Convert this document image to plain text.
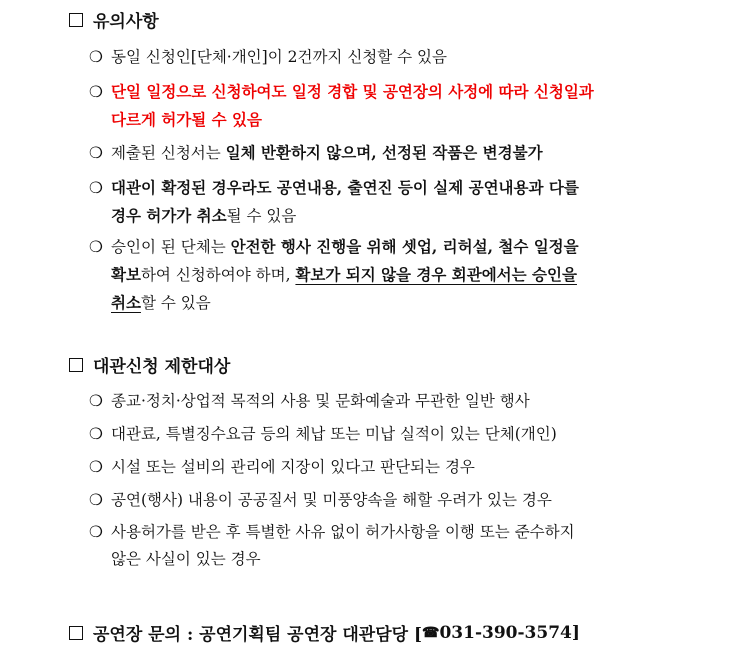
유의사항
❍ 동일 신청인[단체·개인]이 2건까지 신청할 수 있음
❍ 단일 일정으로 신청하여도 일정 경합 및 공연장의 사정에 따라 신청일과
다르게 허가될 수 있음
❍ 제출된 신청서는 일체 반환하지 않으며, 선정된 작품은 변경불가
❍ 대관이 확정된 경우라도 공연내용, 출연진 등이 실제 공연내용과 다를
경우 허가가 취소될 수 있음
❍ 승인이 된 단체는 안전한 행사 진행을 위해 셋업, 리허설, 철수 일정을
확보하여 신청하여야 하며, 확보가 되지 않을 경우 회관에서는 승인을
취소할 수 있음
대관신청 제한대상
❍ 종교·정치·상업적 목적의 사용 및 문화예술과 무관한 일반 행사
❍ 대관료, 특별징수요금 등의 체납 또는 미납 실적이 있는 단체(개인)
❍ 시설 또는 설비의 관리에 지장이 있다고 판단되는 경우
❍ 공연(행사) 내용이 공공질서 및 미풍양속을 해할 우려가 있는 경우
❍ 사용허가를 받은 후 특별한 사유 없이 허가사항을 이행 또는 준수하지
않은 사실이 있는 경우
공연장 문의 : 공연기획팀 공연장 대관담당 [ ☎ 031-390-3574 ]
